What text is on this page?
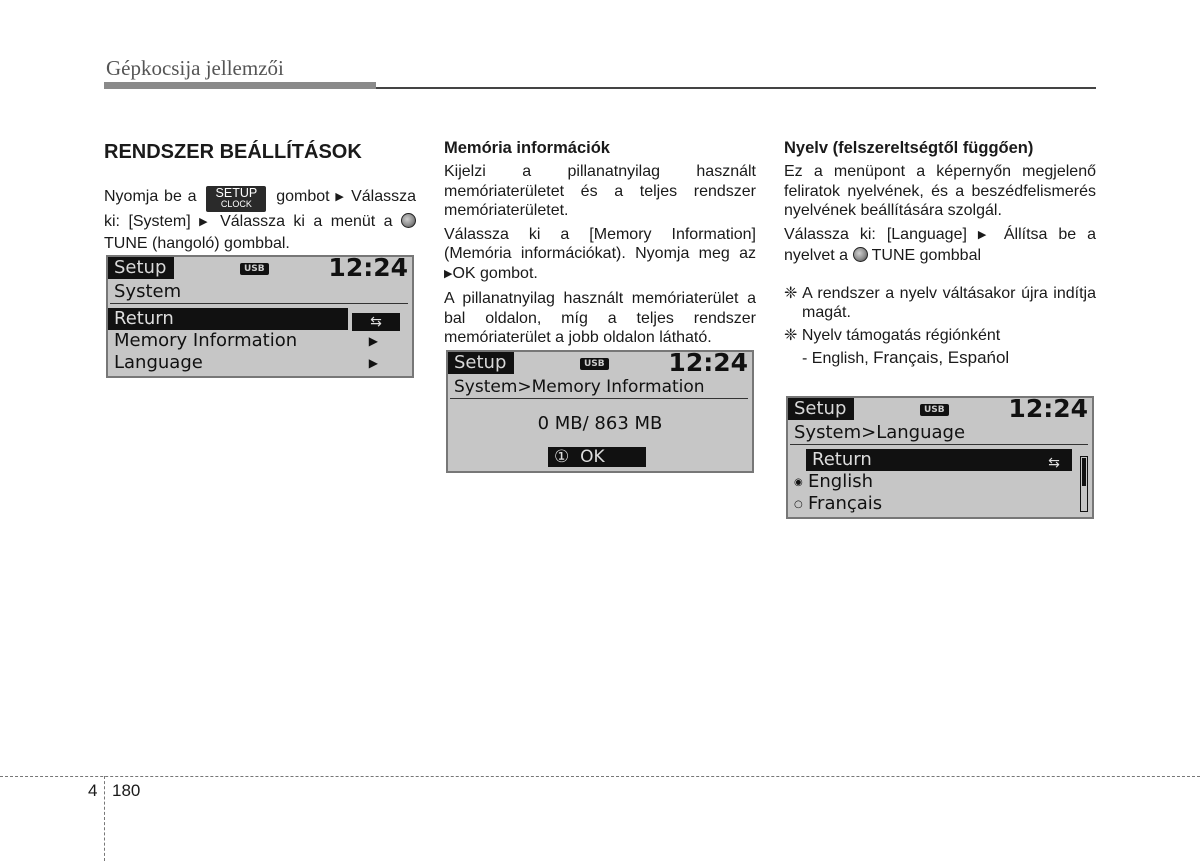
Gépkocsija jellemzői
RENDSZER BEÁLLÍTÁSOK

Nyomja be a	SETUP
CLOCK	gombot ▶ Válassza ki: [System] ▶ Válassza ki a menüt a  TUNE (hangoló) gombbal.

Setup	USB	12:24
System
Return	⇆
Memory Information	▶
Language	▶
Memória információk

Kijelzi a pillanatnyilag használt memóriaterületet és a teljes rendszer memóriaterületet.

Válassza ki a [Memory Information] (Memória információkat). Nyomja meg az ▶OK gombot.

A pillanatnyilag használt memóriaterület a bal oldalon, míg a teljes rendszer memóriaterület a jobb oldalon látható.

Setup	USB	12:24
System>Memory Information
0 MB/ 863 MB
① OK
Nyelv (felszereltségtől függően)

Ez a menüpont a képernyőn megjelenő feliratok nyelvének, és a beszédfelismerés nyelvének beállítására szolgál.

Válassza ki: [Language] ▶ Állítsa be a nyelvet a TUNE gombbal

❈ A rendszer a nyelv váltásakor újra indítja magát.

❈ Nyelv támogatás régiónként

- English, Français, Espańol

Setup	USB	12:24
System>Language
Return	⇆
◉ English
○ Français
4 180
